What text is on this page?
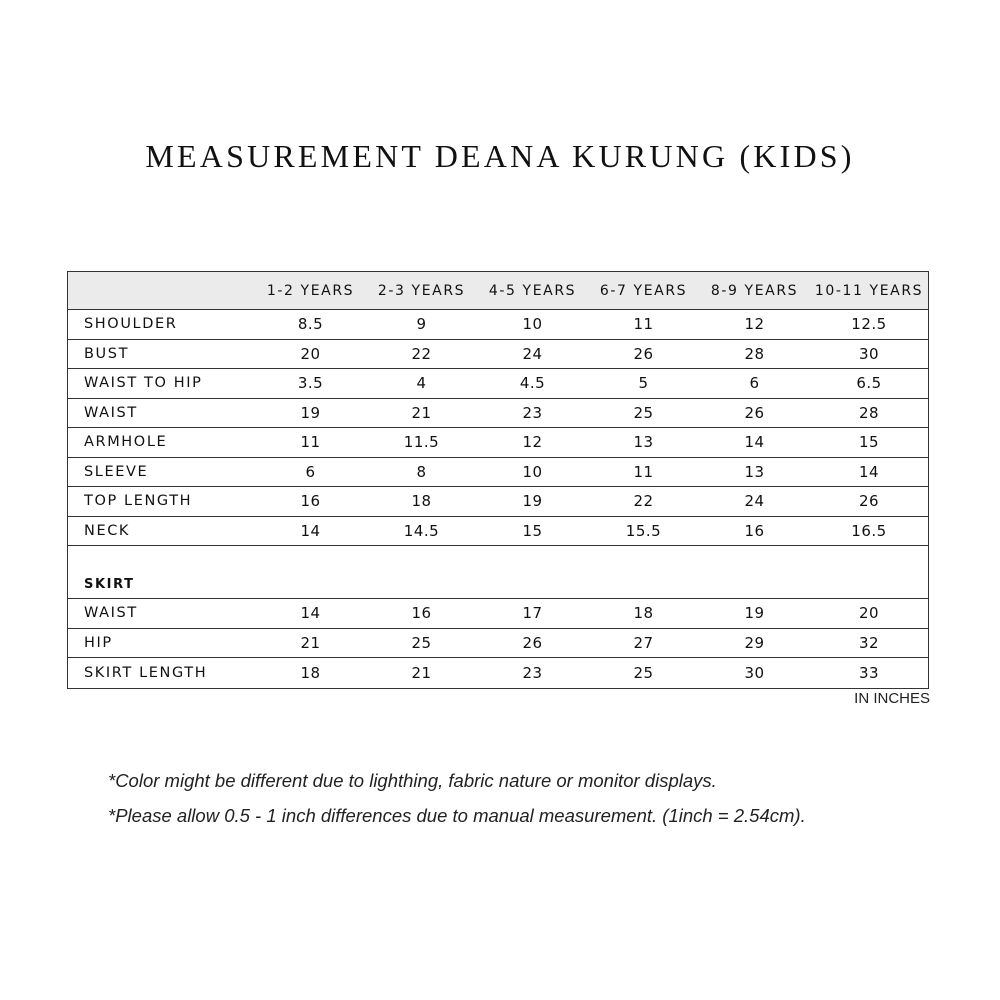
MEASUREMENT DEANA KURUNG (KIDS)
1-2 YEARS	2-3 YEARS	4-5 YEARS	6-7 YEARS	8-9 YEARS	10-11 YEARS
SHOULDER	8.5	9	10	11	12	12.5
BUST	20	22	24	26	28	30
WAIST TO HIP	3.5	4	4.5	5	6	6.5
WAIST	19	21	23	25	26	28
ARMHOLE	11	11.5	12	13	14	15
SLEEVE	6	8	10	11	13	14
TOP LENGTH	16	18	19	22	24	26
NECK	14	14.5	15	15.5	16	16.5
SKIRT
WAIST	14	16	17	18	19	20
HIP	21	25	26	27	29	32
SKIRT LENGTH	18	21	23	25	30	33
IN INCHES

*Color might be different due to lighthing, fabric nature or monitor displays.

*Please allow 0.5 - 1 inch differences due to manual measurement. (1inch = 2.54cm).
